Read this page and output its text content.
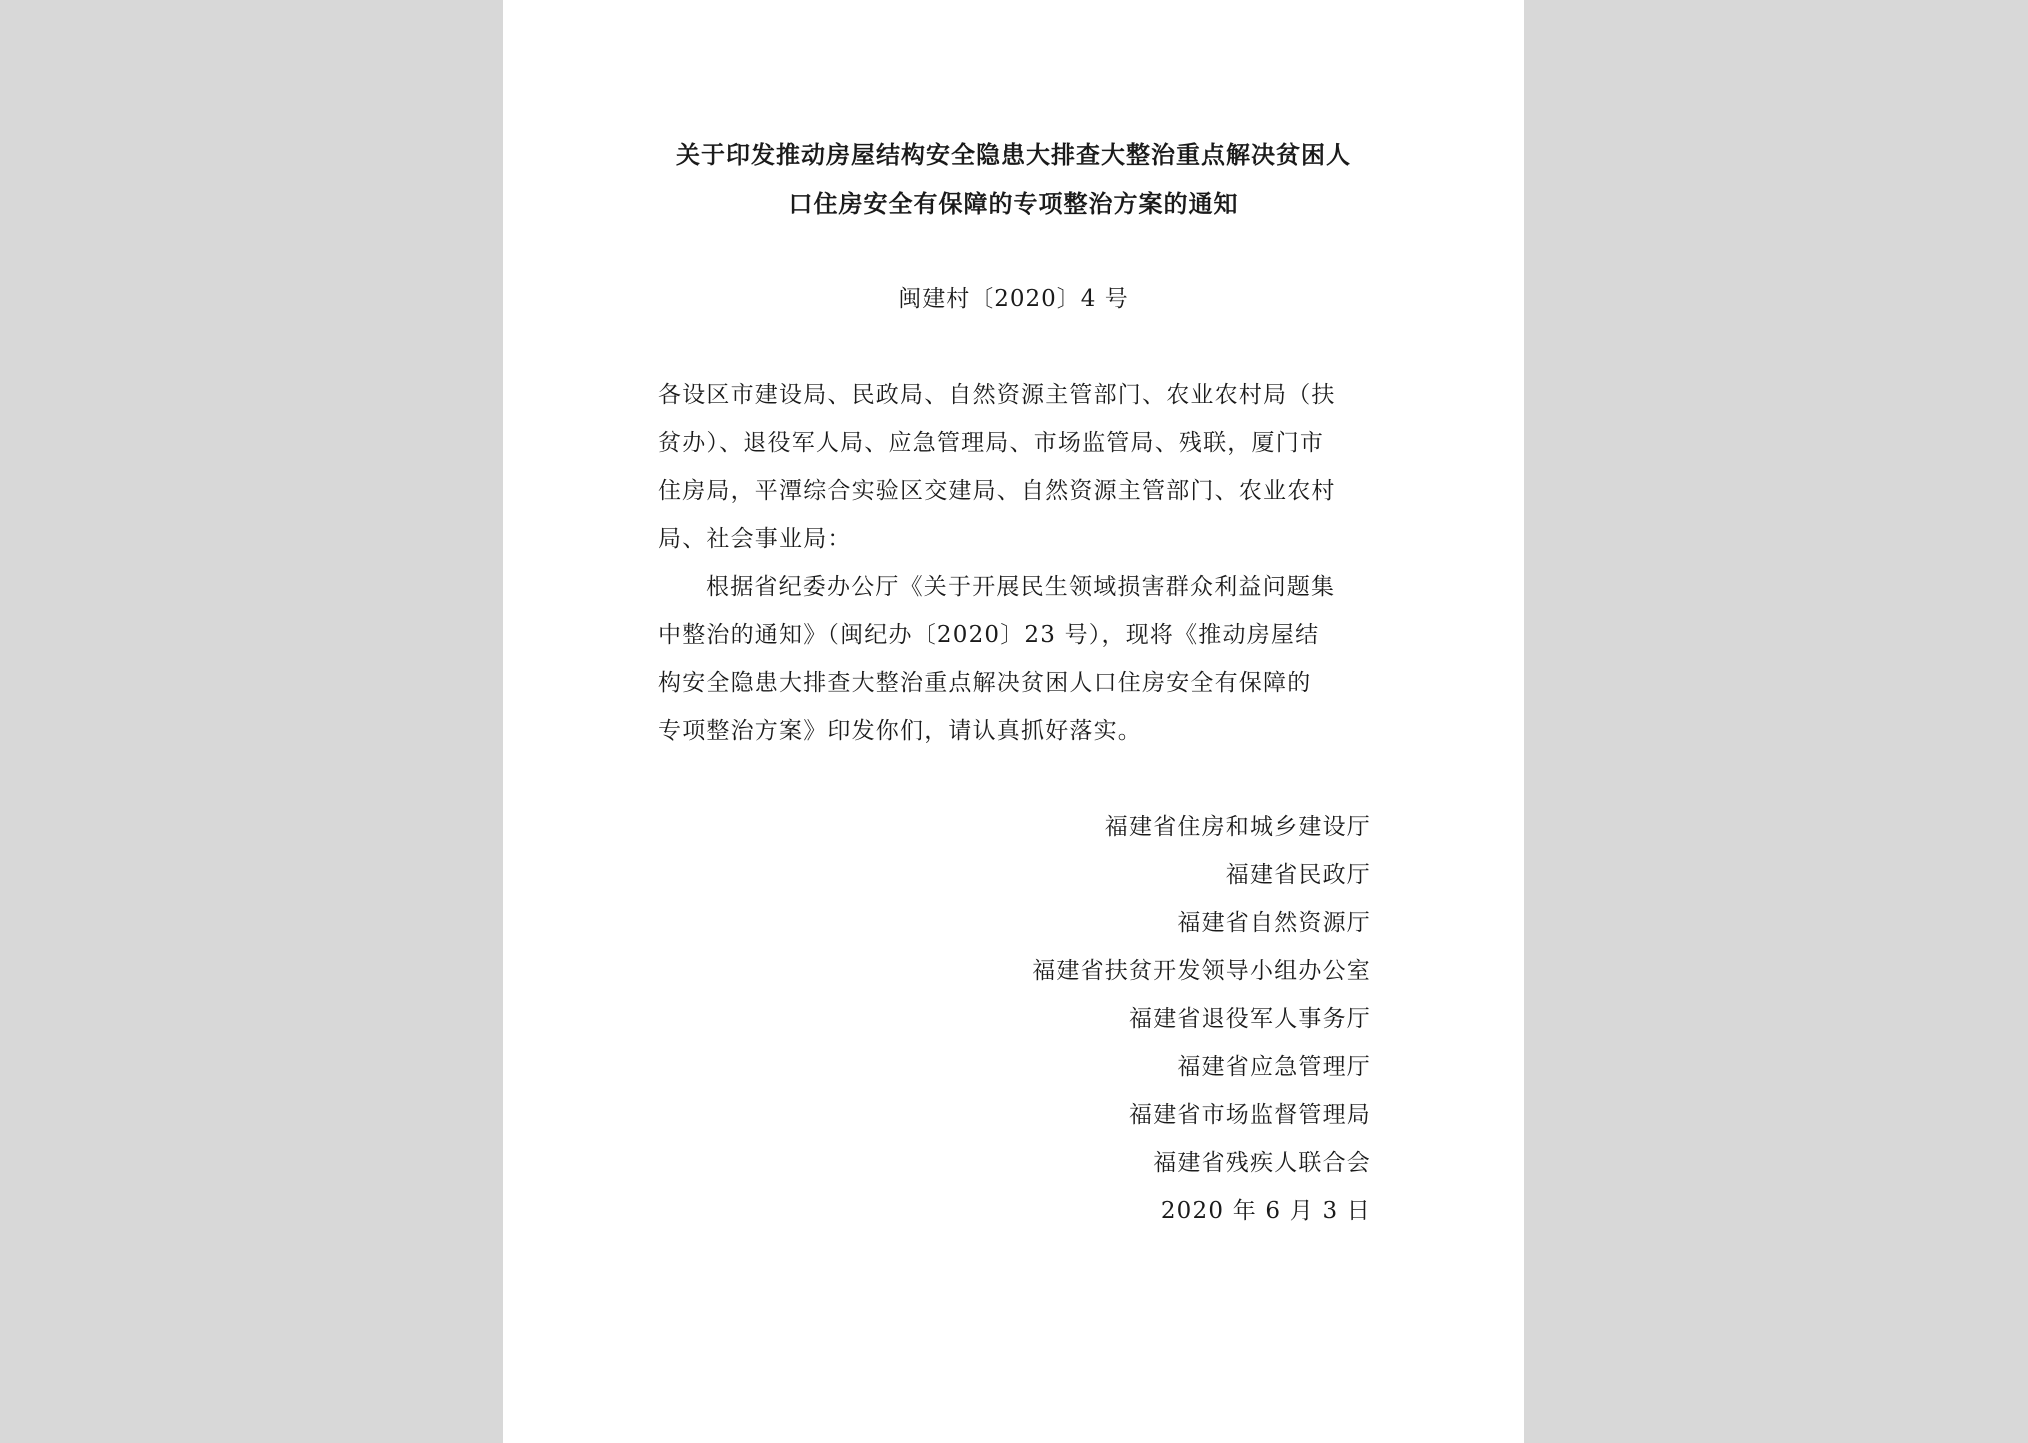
关于印发推动房屋结构安全隐患大排查大整治重点解决贫困人
口住房安全有保障的专项整治方案的通知
闽建村〔2020〕4 号
各设区市建设局、民政局、自然资源主管部门、农业农村局（扶
贫办）、退役军人局、应急管理局、市场监管局、残联，厦门市
住房局，平潭综合实验区交建局、自然资源主管部门、农业农村
局、社会事业局：
根据省纪委办公厅《关于开展民生领域损害群众利益问题集
中整治的通知》（闽纪办〔2020〕23 号），现将《推动房屋结
构安全隐患大排查大整治重点解决贫困人口住房安全有保障的
专项整治方案》印发你们，请认真抓好落实。
福建省住房和城乡建设厅
福建省民政厅
福建省自然资源厅
福建省扶贫开发领导小组办公室
福建省退役军人事务厅
福建省应急管理厅
福建省市场监督管理局
福建省残疾人联合会
2020 年 6 月 3 日
